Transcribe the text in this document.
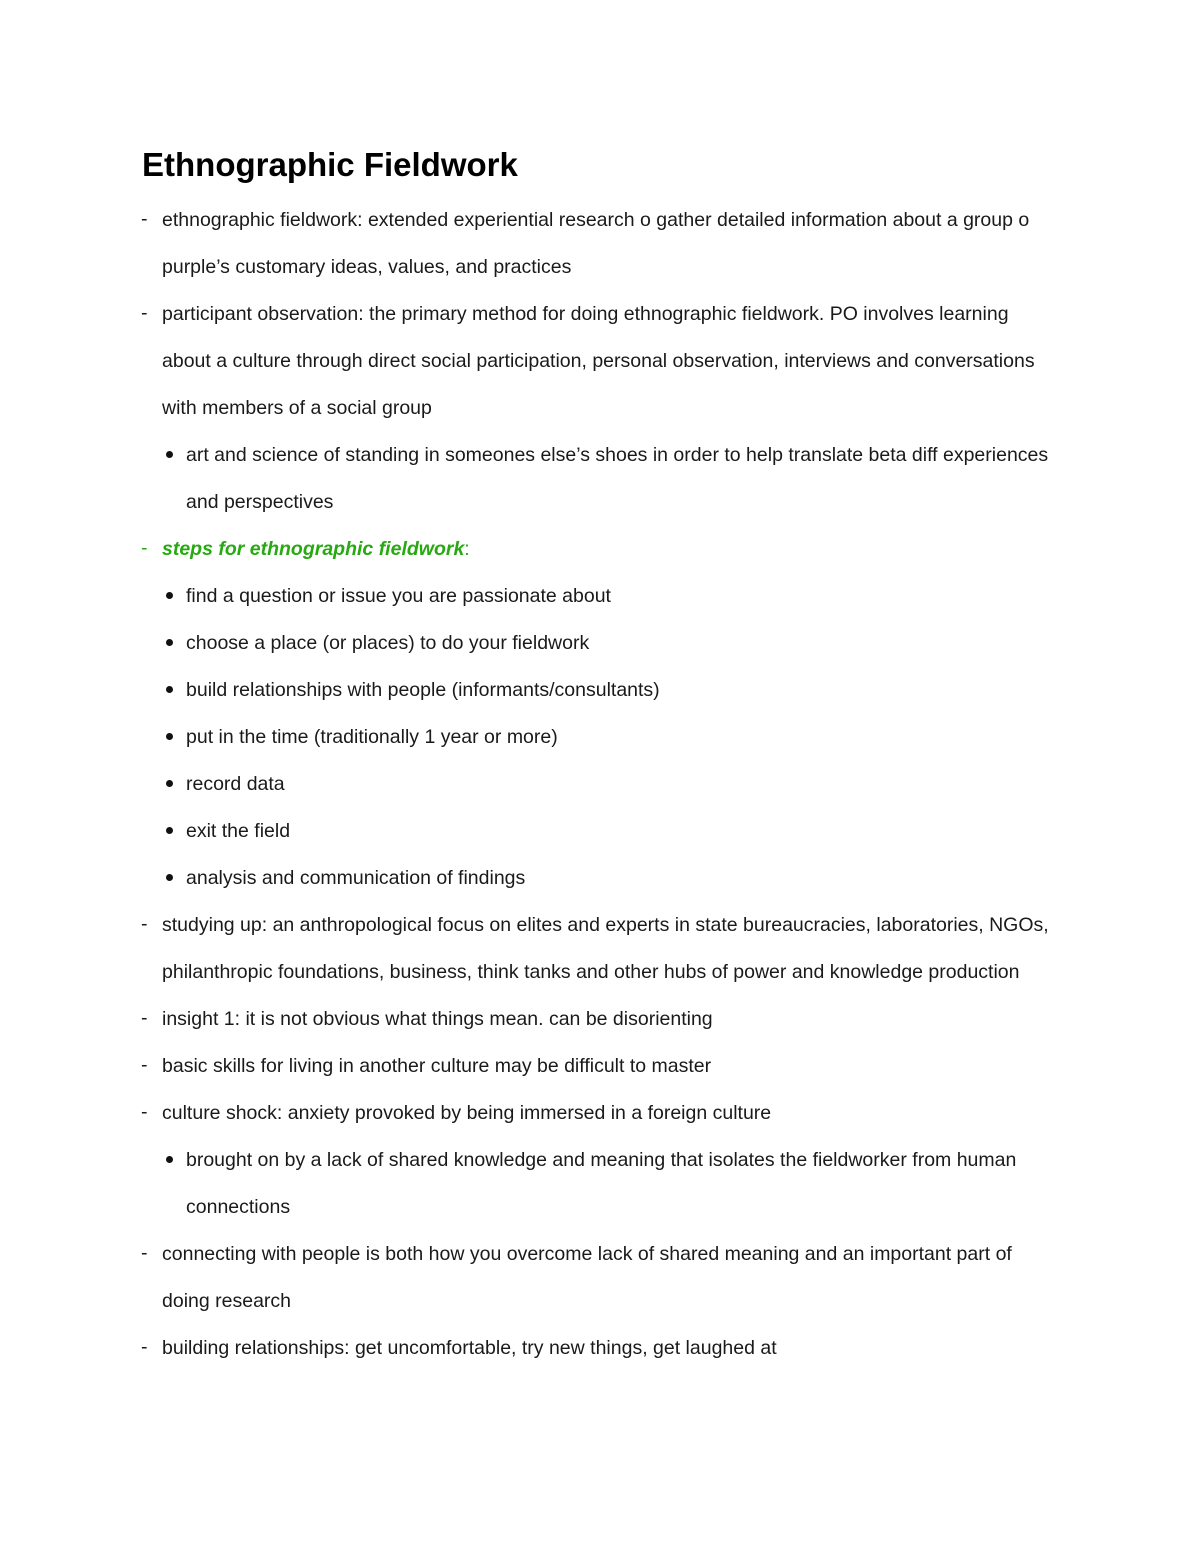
Ethnographic Fieldwork
- ethnographic fieldwork: extended experiential research o gather detailed information about a group o purple’s customary ideas, values, and practices
- participant observation: the primary method for doing ethnographic fieldwork. PO involves learning about a culture through direct social participation, personal observation, interviews and conversations with members of a social group
art and science of standing in someones else’s shoes in order to help translate beta diff experiences and perspectives
- steps for ethnographic fieldwork:
find a question or issue you are passionate about
choose a place (or places) to do your fieldwork
build relationships with people (informants/consultants)
put in the time (traditionally 1 year or more)
record data
exit the field
analysis and communication of findings
- studying up: an anthropological focus on elites and experts in state bureaucracies, laboratories, NGOs, philanthropic foundations, business, think tanks and other hubs of power and knowledge production
- insight 1: it is not obvious what things mean. can be disorienting
- basic skills for living in another culture may be difficult to master
- culture shock: anxiety provoked by being immersed in a foreign culture
brought on by a lack of shared knowledge and meaning that isolates the fieldworker from human connections
- connecting with people is both how you overcome lack of shared meaning and an important part of doing research
- building relationships: get uncomfortable, try new things, get laughed at
